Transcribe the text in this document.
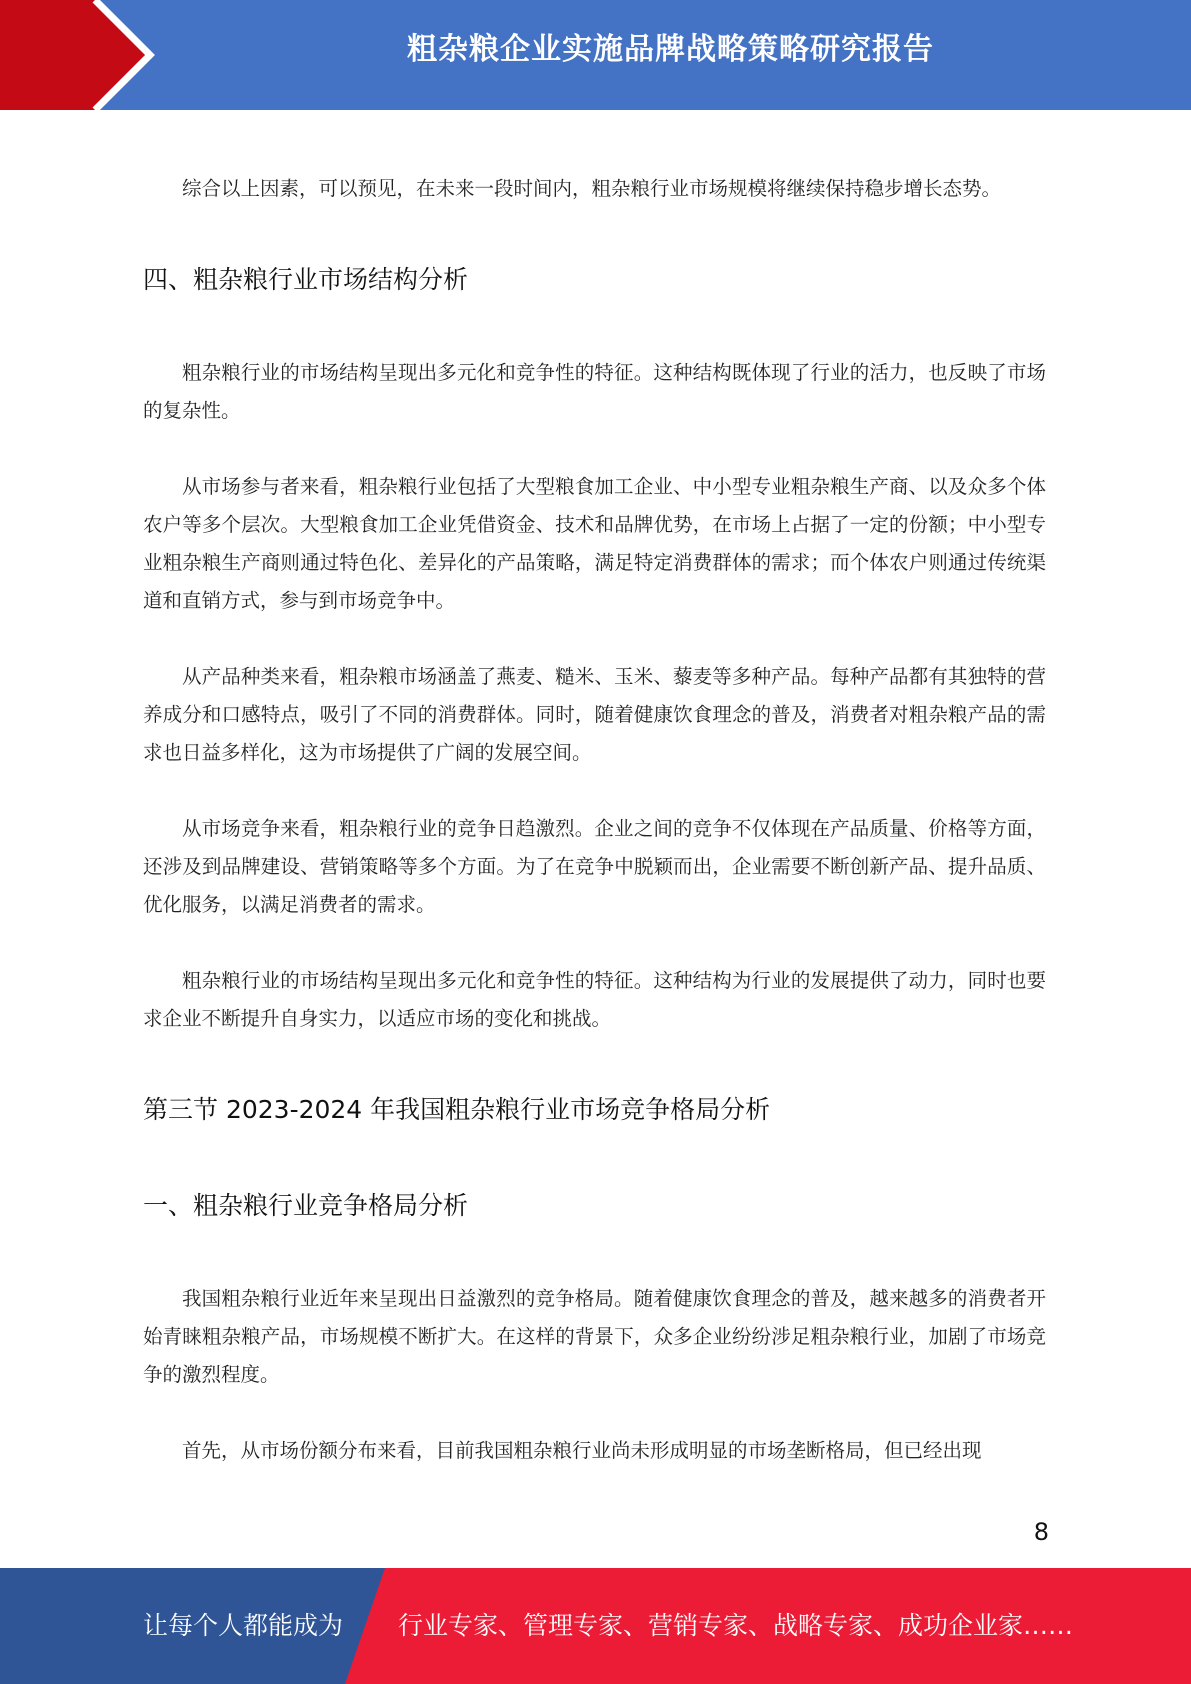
粗杂粮企业实施品牌战略策略研究报告

综合以上因素，可以预见，在未来一段时间内，粗杂粮行业市场规模将继续保持稳步增长态势。

四、粗杂粮行业市场结构分析

粗杂粮行业的市场结构呈现出多元化和竞争性的特征。这种结构既体现了行业的活力，也反映了市场的复杂性。

从市场参与者来看，粗杂粮行业包括了大型粮食加工企业、中小型专业粗杂粮生产商、以及众多个体农户等多个层次。大型粮食加工企业凭借资金、技术和品牌优势，在市场上占据了一定的份额；中小型专业粗杂粮生产商则通过特色化、差异化的产品策略，满足特定消费群体的需求；而个体农户则通过传统渠道和直销方式，参与到市场竞争中。

从产品种类来看，粗杂粮市场涵盖了燕麦、糙米、玉米、藜麦等多种产品。每种产品都有其独特的营养成分和口感特点，吸引了不同的消费群体。同时，随着健康饮食理念的普及，消费者对粗杂粮产品的需求也日益多样化，这为市场提供了广阔的发展空间。

从市场竞争来看，粗杂粮行业的竞争日趋激烈。企业之间的竞争不仅体现在产品质量、价格等方面，还涉及到品牌建设、营销策略等多个方面。为了在竞争中脱颖而出，企业需要不断创新产品、提升品质、优化服务，以满足消费者的需求。

粗杂粮行业的市场结构呈现出多元化和竞争性的特征。这种结构为行业的发展提供了动力，同时也要求企业不断提升自身实力，以适应市场的变化和挑战。

第三节 2023-2024 年我国粗杂粮行业市场竞争格局分析
一、粗杂粮行业竞争格局分析

我国粗杂粮行业近年来呈现出日益激烈的竞争格局。随着健康饮食理念的普及，越来越多的消费者开始青睐粗杂粮产品，市场规模不断扩大。在这样的背景下，众多企业纷纷涉足粗杂粮行业，加剧了市场竞争的激烈程度。

首先，从市场份额分布来看，目前我国粗杂粮行业尚未形成明显的市场垄断格局，但已经出现

8
让每个人都能成为 行业专家、管理专家、营销专家、战略专家、成功企业家……
